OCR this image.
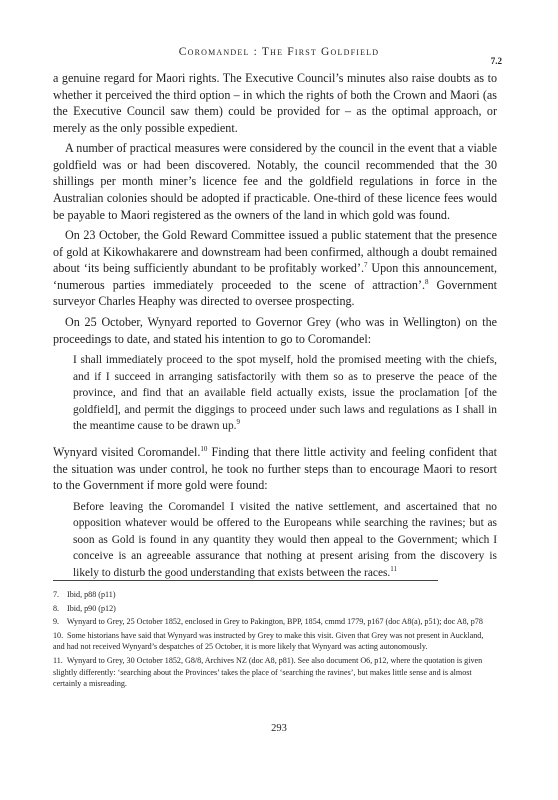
Coromandel : The First Goldfield
7.2

a genuine regard for Maori rights. The Executive Council’s minutes also raise doubts as to whether it perceived the third option – in which the rights of both the Crown and Maori (as the Executive Council saw them) could be provided for – as the optimal approach, or merely as the only possible expedient.

A number of practical measures were considered by the council in the event that a viable goldfield was or had been discovered. Notably, the council recommended that the 30 shillings per month miner’s licence fee and the goldfield regulations in force in the Australian colonies should be adopted if practicable. One-third of these licence fees would be payable to Maori registered as the owners of the land in which gold was found.

On 23 October, the Gold Reward Committee issued a public statement that the presence of gold at Kikowhakarere and downstream had been confirmed, although a doubt remained about ‘its being sufficiently abundant to be profitably worked’.$^7$ Upon this announcement, ‘numerous parties immediately proceeded to the scene of attraction’.$^8$ Government surveyor Charles Heaphy was directed to oversee prospecting.

On 25 October, Wynyard reported to Governor Grey (who was in Wellington) on the proceedings to date, and stated his intention to go to Coromandel:

I shall immediately proceed to the spot myself, hold the promised meeting with the chiefs, and if I succeed in arranging satisfactorily with them so as to preserve the peace of the province, and find that an available field actually exists, issue the proclamation [of the goldfield], and permit the diggings to proceed under such laws and regulations as I shall in the meantime cause to be drawn up.$^9$

Wynyard visited Coromandel.$^{10}$ Finding that there little activity and feeling confident that the situation was under control, he took no further steps than to encourage Maori to resort to the Government if more gold were found:

Before leaving the Coromandel I visited the native settlement, and ascertained that no opposition whatever would be offered to the Europeans while searching the ravines; but as soon as Gold is found in any quantity they would then appeal to the Government; which I conceive is an agreeable assurance that nothing at present arising from the discovery is likely to disturb the good understanding that exists between the races.$^{11}$
7. Ibid, p88 (p11)
8. Ibid, p90 (p12)
9. Wynyard to Grey, 25 October 1852, enclosed in Grey to Pakington, BPP, 1854, cmmd 1779, p167 (doc A8(a), p51); doc A8, p78
10. Some historians have said that Wynyard was instructed by Grey to make this visit. Given that Grey was not present in Auckland, and had not received Wynyard’s despatches of 25 October, it is more likely that Wynyard was acting autonomously.
11. Wynyard to Grey, 30 October 1852, G8/8, Archives NZ (doc A8, p81). See also document O6, p12, where the quotation is given slightly differently: ‘searching about the Provinces’ takes the place of ‘searching the ravines’, but makes little sense and is almost certainly a misreading.
293
